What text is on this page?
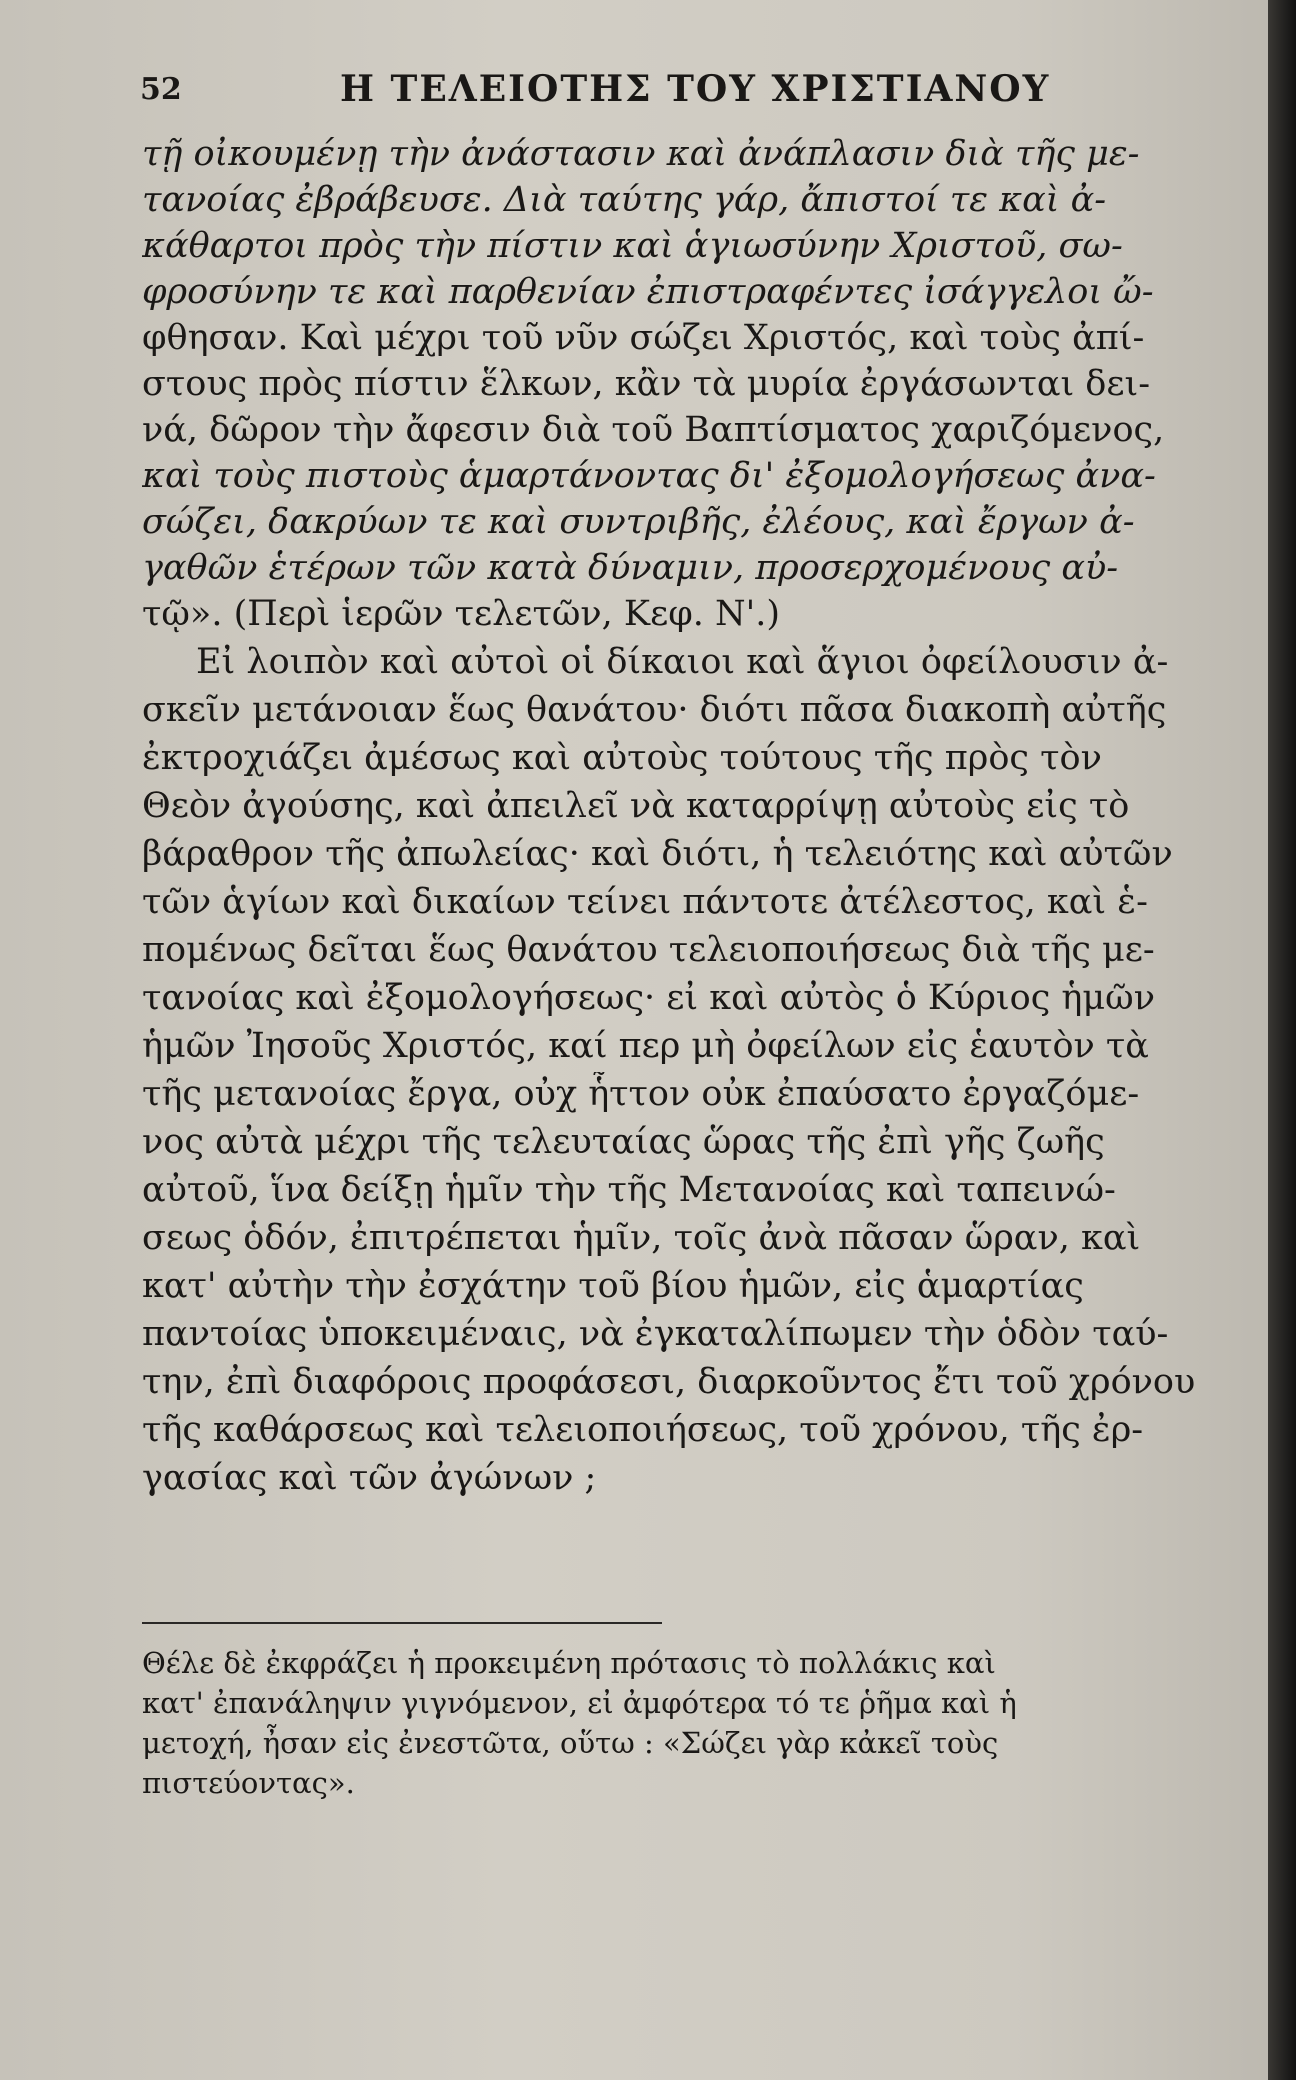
52	Η ΤΕΛΕΙΟΤΗΣ ΤΟΥ ΧΡΙΣΤΙΑΝΟΥ
τῇ οἰκουμένῃ τὴν ἀνάστασιν καὶ ἀνάπλασιν διὰ τῆς με-
τανοίας ἐβράβευσε. Διὰ ταύτης γάρ, ἄπιστοί τε καὶ ἀ-
κάθαρτοι πρὸς τὴν πίστιν καὶ ἁγιωσύνην Χριστοῦ, σω-
φροσύνην τε καὶ παρθενίαν ἐπιστραφέντες ἰσάγγελοι ὤ-
φθησαν. Καὶ μέχρι τοῦ νῦν σώζει Χριστός, καὶ τοὺς ἀπί-
στους πρὸς πίστιν ἕλκων, κἂν τὰ μυρία ἐργάσωνται δει-
νά, δῶρον τὴν ἄφεσιν διὰ τοῦ Βαπτίσματος χαριζόμενος,
καὶ τοὺς πιστοὺς ἁμαρτάνοντας δι' ἐξομολογήσεως ἀνα-
σώζει, δακρύων τε καὶ συντριβῆς, ἐλέους, καὶ ἔργων ἀ-
γαθῶν ἑτέρων τῶν κατὰ δύναμιν, προσερχομένους αὐ-
τῷ». (Περὶ ἱερῶν τελετῶν, Κεφ. Ν'.)
Εἰ λοιπὸν καὶ αὐτοὶ οἱ δίκαιοι καὶ ἅγιοι ὀφείλουσιν ἀ-
σκεῖν μετάνοιαν ἕως θανάτου· διότι πᾶσα διακοπὴ αὐτῆς
ἐκτροχιάζει ἀμέσως καὶ αὐτοὺς τούτους τῆς πρὸς τὸν
Θεὸν ἀγούσης, καὶ ἀπειλεῖ νὰ καταρρίψῃ αὐτοὺς εἰς τὸ
βάραθρον τῆς ἀπωλείας· καὶ διότι, ἡ τελειότης καὶ αὐτῶν
τῶν ἁγίων καὶ δικαίων τείνει πάντοτε ἀτέλεστος, καὶ ἑ-
πομένως δεῖται ἕως θανάτου τελειοποιήσεως διὰ τῆς με-
τανοίας καὶ ἐξομολογήσεως· εἰ καὶ αὐτὸς ὁ Κύριος ἡμῶν
ἡμῶν Ἰησοῦς Χριστός, καί περ μὴ ὀφείλων εἰς ἑαυτὸν τὰ
τῆς μετανοίας ἔργα, οὐχ ἧττον οὐκ ἐπαύσατο ἐργαζόμε-
νος αὐτὰ μέχρι τῆς τελευταίας ὥρας τῆς ἐπὶ γῆς ζωῆς
αὐτοῦ, ἵνα δείξῃ ἡμῖν τὴν τῆς Μετανοίας καὶ ταπεινώ-
σεως ὁδόν, ἐπιτρέπεται ἡμῖν, τοῖς ἀνὰ πᾶσαν ὥραν, καὶ
κατ' αὐτὴν τὴν ἐσχάτην τοῦ βίου ἡμῶν, εἰς ἁμαρτίας
παντοίας ὑποκειμέναις, νὰ ἐγκαταλίπωμεν τὴν ὁδὸν ταύ-
την, ἐπὶ διαφόροις προφάσεσι, διαρκοῦντος ἔτι τοῦ χρόνου
τῆς καθάρσεως καὶ τελειοποιήσεως, τοῦ χρόνου, τῆς ἐρ-
γασίας καὶ τῶν ἀγώνων ;
Θέλε δὲ ἐκφράζει ἡ προκειμένη πρότασις τὸ πολλάκις καὶ
κατ' ἐπανάληψιν γιγνόμενον, εἰ ἀμφότερα τό τε ῥῆμα καὶ ἡ
μετοχή, ἦσαν εἰς ἐνεστῶτα, οὕτω : «Σώζει γὰρ κἀκεῖ τοὺς
πιστεύοντας».
